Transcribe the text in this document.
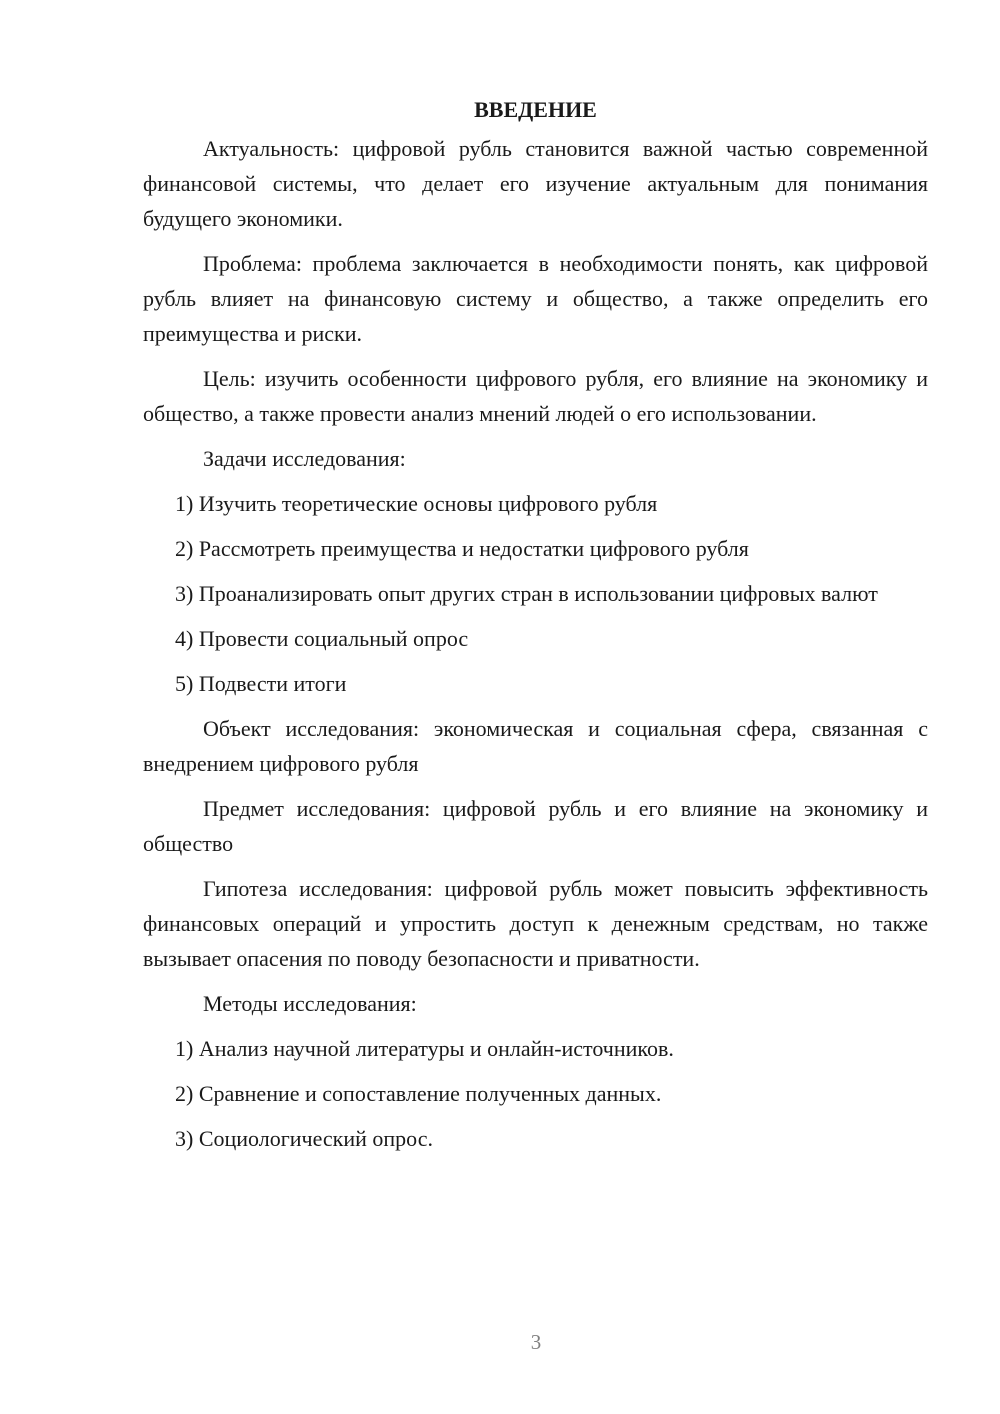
ВВЕДЕНИЕ

Актуальность: цифровой рубль становится важной частью современной финансовой системы, что делает его изучение актуальным для понимания будущего экономики.

Проблема: проблема заключается в необходимости понять, как цифровой рубль влияет на финансовую систему и общество, а также определить его преимущества и риски.

Цель: изучить особенности цифрового рубля, его влияние на экономику и общество, а также провести анализ мнений людей о его использовании.

Задачи исследования:

1) Изучить теоретические основы цифрового рубля

2) Рассмотреть преимущества и недостатки цифрового рубля

3) Проанализировать опыт других стран в использовании цифровых валют

4) Провести социальный опрос

5) Подвести итоги

Объект исследования: экономическая и социальная сфера, связанная с внедрением цифрового рубля

Предмет исследования: цифровой рубль и его влияние на экономику и общество

Гипотеза исследования: цифровой рубль может повысить эффективность финансовых операций и упростить доступ к денежным средствам, но также вызывает опасения по поводу безопасности и приватности.

Методы исследования:

1) Анализ научной литературы и онлайн-источников.

2) Сравнение и сопоставление полученных данных.

3) Социологический опрос.

3
